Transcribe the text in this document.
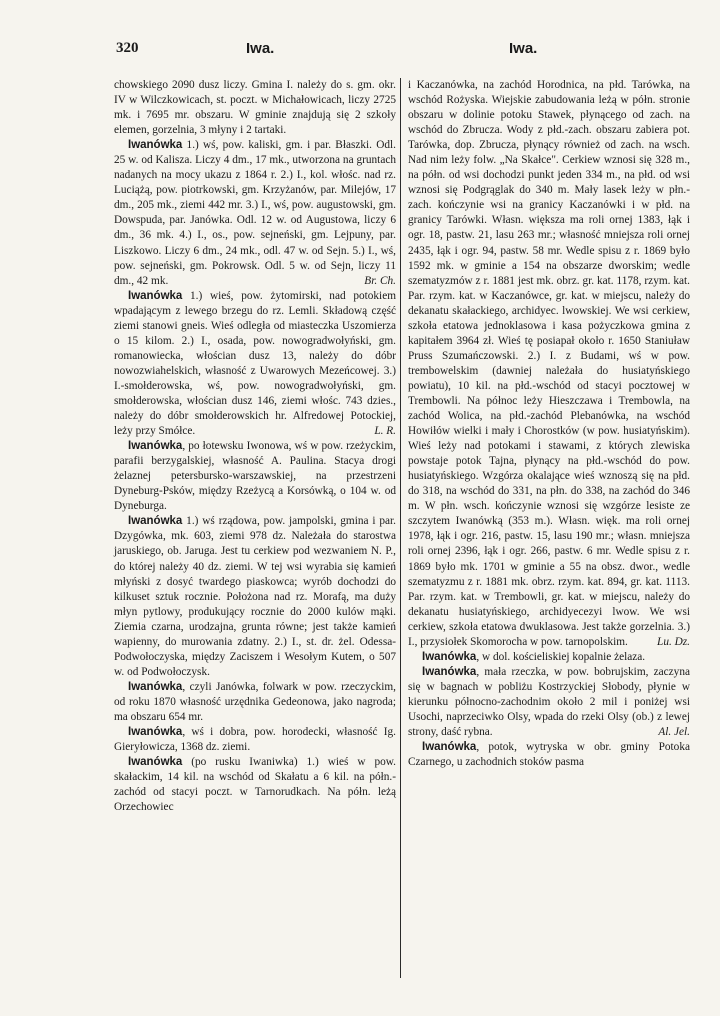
320	Iwa.	Iwa.

chowskiego 2090 dusz liczy. Gmina I. należy do s. gm. okr. IV w Wilczkowicach, st. poczt. w Michałowicach, liczy 2725 mk. i 7695 mr. obszaru. W gminie znajdują się 2 szkoły elemen, gorzelnia, 3 młyny i 2 tartaki.

Iwanówka 1.) wś, pow. kaliski, gm. i par. Błaszki. Odl. 25 w. od Kalisza. Liczy 4 dm., 17 mk., utworzona na gruntach nadanych na mocy ukazu z 1864 r. 2.) I., kol. włośc. nad rz. Luciążą, pow. piotrkowski, gm. Krzyżanów, par. Milejów, 17 dm., 205 mk., ziemi 442 mr. 3.) I., wś, pow. augustowski, gm. Dowspuda, par. Janówka. Odl. 12 w. od Augustowa, liczy 6 dm., 36 mk. 4.) I., os., pow. sejneński, gm. Lejpuny, par. Liszkowo. Liczy 6 dm., 24 mk., odl. 47 w. od Sejn. 5.) I., wś, pow. sejneński, gm. Pokrowsk. Odl. 5 w. od Sejn, liczy 11 dm., 42 mk.	Br. Ch.

Iwanówka 1.) wieś, pow. żytomirski, nad potokiem wpadającym z lewego brzegu do rz. Lemli. Składową część ziemi stanowi gneis. Wieś odległa od miasteczka Uszomierza o 15 kilom. 2.) I., osada, pow. nowogradwołyński, gm. romanowiecka, włościan dusz 13, należy do dóbr nowozwiahelskich, własność z Uwarowych Mezeńcowej. 3.) I.-smołderowska, wś, pow. nowogradwołyński, gm. smołderowska, włościan dusz 146, ziemi włośc. 743 dzies., należy do dóbr smołderowskich hr. Alfredowej Potockiej, leży przy Smółce.	L. R.

Iwanówka, po łotewsku Iwonowa, wś w pow. rzeżyckim, parafii berzygalskiej, własność A. Paulina. Stacya drogi żelaznej petersbursko-warszawskiej, na przestrzeni Dyneburg-Psków, między Rzeżycą a Korsówką, o 104 w. od Dyneburga.

Iwanówka 1.) wś rządowa, pow. jampolski, gmina i par. Dzygówka, mk. 603, ziemi 978 dz. Należała do starostwa jaruskiego, ob. Jaruga. Jest tu cerkiew pod wezwaniem N. P., do której należy 40 dz. ziemi. W tej wsi wyrabia się kamień młyński z dosyć twardego piaskowca; wyrób dochodzi do kilkuset sztuk rocznie. Położona nad rz. Morafą, ma duży młyn pytlowy, produkujący rocznie do 2000 kulów mąki. Ziemia czarna, urodzajna, grunta równe; jest także kamień wapienny, do murowania zdatny. 2.) I., st. dr. żel. Odessa-Podwołoczyska, między Zaciszem i Wesołym Kutem, o 507 w. od Podwołoczysk.

Iwanówka, czyli Janówka, folwark w pow. rzeczyckim, od roku 1870 własność urzędnika Gedeonowa, jako nagroda; ma obszaru 654 mr.

Iwanówka, wś i dobra, pow. horodecki, własność Ig. Gieryłowicza, 1368 dz. ziemi.

Iwanówka (po rusku Iwaniwka) 1.) wieś w pow. skałackim, 14 kil. na wschód od Skałatu a 6 kil. na półn.-zachód od stacyi poczt. w Tarnorudkach. Na półn. leżą Orzechowiec

i Kaczanówka, na zachód Horodnica, na płd. Tarówka, na wschód Rożyska. Wiejskie zabudowania leżą w półn. stronie obszaru w dolinie potoku Stawek, płynącego od zach. na wschód do Zbrucza. Wody z płd.-zach. obszaru zabiera pot. Tarówka, dop. Zbrucza, płynący również od zach. na wsch. Nad nim leży folw. „Na Skałce". Cerkiew wznosi się 328 m., na półn. od wsi dochodzi punkt jeden 334 m., na płd. od wsi wznosi się Podgrąglak do 340 m. Mały lasek leży w płn.-zach. kończynie wsi na granicy Kaczanówki i w płd. na granicy Tarówki. Własn. większa ma roli ornej 1383, łąk i ogr. 18, pastw. 21, lasu 263 mr.; własność mniejsza roli ornej 2435, łąk i ogr. 94, pastw. 58 mr. Wedle spisu z r. 1869 było 1592 mk. w gminie a 154 na obszarze dworskim; wedle szematyzmów z r. 1881 jest mk. obrz. gr. kat. 1178, rzym. kat. Par. rzym. kat. w Kaczanówce, gr. kat. w miejscu, należy do dekanatu skałackiego, archidyec. lwowskiej. We wsi cerkiew, szkoła etatowa jednoklasowa i kasa pożyczkowa gmina z kapitałem 3964 zł. Wieś tę posiapał około r. 1650 Staniuław Pruss Szumańczowski. 2.) I. z Budami, wś w pow. trembowelskim (dawniej należała do husiatyńskiego powiatu), 10 kil. na płd.-wschód od stacyi pocztowej w Trembowli. Na północ leży Hieszczawa i Trembowla, na zachód Wolica, na płd.-zachód Plebanówka, na wschód Howiłów wielki i mały i Chorostków (w pow. husiatyńskim). Wieś leży nad potokami i stawami, z których zlewiska powstaje potok Tajna, płynący na płd.-wschód do pow. husiatyńskiego. Wzgórza okalające wieś wznoszą się na płd. do 318, na wschód do 331, na płn. do 338, na zachód do 346 m. W płn. wsch. kończynie wznosi się wzgórze lesiste ze szczytem Iwanówką (353 m.). Własn. więk. ma roli ornej 1978, łąk i ogr. 216, pastw. 15, lasu 190 mr.; własn. mniejsza roli ornej 2396, łąk i ogr. 266, pastw. 6 mr. Wedle spisu z r. 1869 było mk. 1701 w gminie a 55 na obsz. dwor., wedle szematyzmu z r. 1881 mk. obrz. rzym. kat. 894, gr. kat. 1113. Par. rzym. kat. w Trembowli, gr. kat. w miejscu, należy do dekanatu husiatyńskiego, archidyecezyi lwow. We wsi cerkiew, szkoła etatowa dwuklasowa. Jest także gorzelnia. 3.) I., przysiołek Skomorocha w pow. tarnopolskim.	Lu. Dz.

Iwanówka, w dol. kościeliskiej kopalnie żelaza.

Iwanówka, mała rzeczka, w pow. bobrujskim, zaczyna się w bagnach w pobliżu Kostrzyckiej Słobody, płynie w kierunku północno-zachodnim około 2 mil i poniżej wsi Usochi, naprzeciwko Olsy, wpada do rzeki Olsy (ob.) z lewej strony, daść rybna.	Al. Jel.

Iwanówka, potok, wytryska w obr. gminy Potoka Czarnego, u zachodnich stoków pasma
